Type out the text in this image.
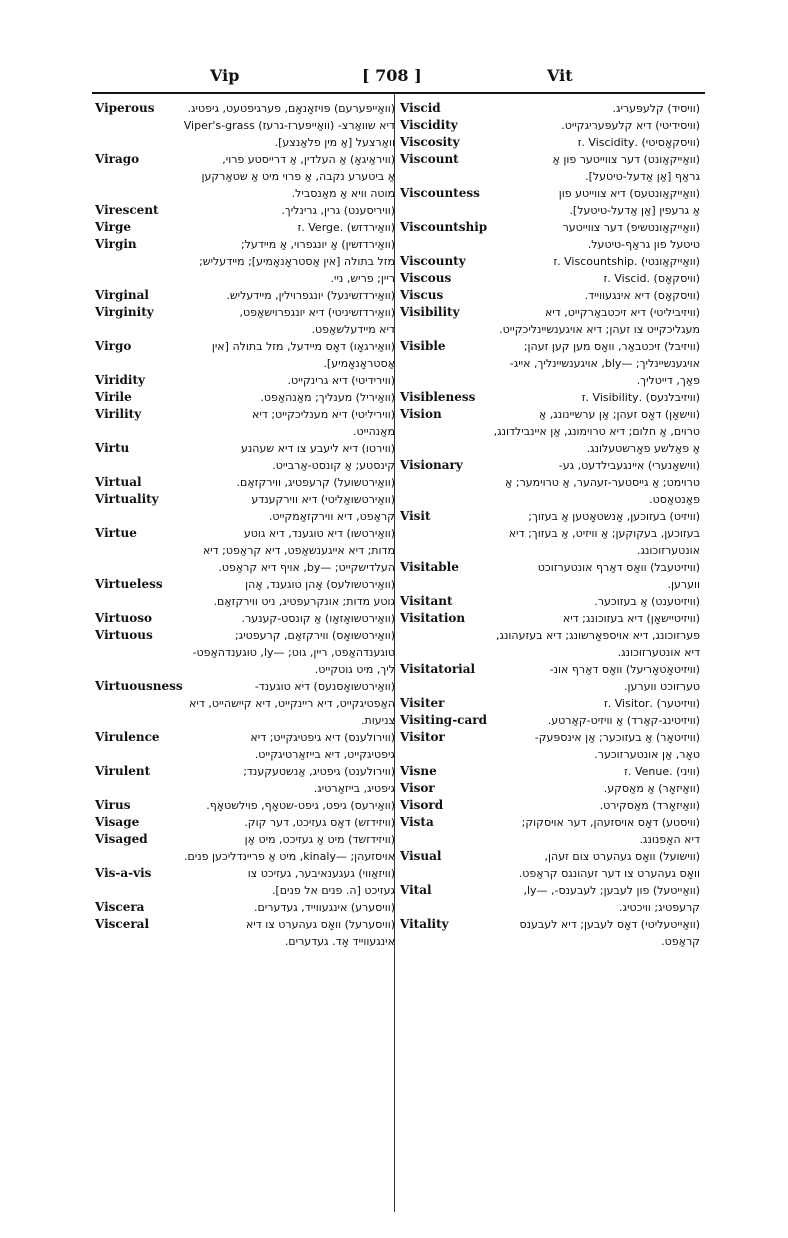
Vip	[ 708 ]	Vit
Viperous	(וואַייפּערעם) פּויזאָנאָם, פערגיפטעט, גיפטיג.
דיא שוואַרצ- (וואַייפּערז-גרעז) Viper's-grass
וואַרצעל [אַ מין פלאַנצע].
Virago	(וויראַיגאָ) אַ העלדין, אַ דרייסטע פרוי,
אַ ביטערע נקבה, אַ פרוי מיט אַ שטאַרקען
מוטה וויא אַ מאַנסביל.
Virescent	(וויריסענט) גרין, גרינליך.
Virge	(וואַירדזש) .Verge .ז
Virgin	(וואַירדזשין) אַ יונגפרוי, אַ מיידעל;
מזל בתולה [אין אַסטראָנאָמיע]; מיידעליש;
ריין; פריש, ניי.
Virginal	(וואַירדזשינעל) יונגפרוילין, מיידעליש.
Virginity	(וואַירדזשיניטי) דיא יונגפרוישאַפט,
דיא מיידעלשאַפט.
Virgo	(וואַירגאָו) דאָס מיידעל, מזל בתולה [אין
אַסטראָנאָמיע].
Viridity	(ווירידיטי) דיא גרינקייט.
Virile	(וואַיריל) מענליך; מאַנהאַפט.
Virility	(וויריליטי) דיא מענליכקייט; דיא
מאַנהייט.
Virtu	(ווירטו) דיא ליעבע צו דיא שעהנע
קינסטע; אַ קונסט-אַרבייט.
Virtual	(וואַירטשועל) קרעפטיג, ווירקזאַם.
Virtuality	(וואַירטשואַליטי) דיא ווירקענדע
קראַפט, דיא ווירקזאַמקייט.
Virtue	(וואַירטשו) דיא טוגענד, דיא גוטע
מדות; דיא אייגענשאַפט, דיא קראַפט; דיא
העלדישקייט; —by, אויף דיא קראַפט.
Virtueless	(וואַירטשולעס) אָהן טוגענד, אָהן
גוטע מדות; אונקרעפטיג, ניט ווירקזאַם.
Virtuoso	(וואַירטשואָזאָו) אַ קונסט-קענער.
Virtuous	(וואַירטשואָס) ווירקזאַם, קרעפטיג;
טוגענדהאַפט, ריין, גוט; —ly, טוגענדהאַפט-
ליך, מיט גוטקייט.
Virtuousness	(וואַירטשואָסנעס) דיא טוגענד-
האַפטיגקייט, דיא ריינקייט, דיא קיישהייט, דיא
צניעות.
Virulence	(ווירולענס) דיא גיפטיגקייט; דיא
גיפטיגקייט, דיא בייזאַרטיגקייט.
Virulent	(ווירולענט) גיפטיג, אַנשטעקענד;
גיפטיג, בייזאַרטיג.
Virus	(וואַירעס) גיפט, גיפט-שטאָף, פוילשטאָף.
Visage	(וויזידזש) דאָס געזיכט, דער קוק.
Visaged	(וויזידזשד) מיט אַ געזיכט, מיט אַן
אויסזעהן; —kinaly, מיט אַ פריינדליכען פנים.
Vis-a-vis	(וויזאַווי) געגענאיבער, געזיכט צו
געזיכט [ה. פנים אל פנים].
Viscera	(וויסערע) אינגעווייד, געדערים.
Visceral	(וויסערעל) וואָס געהערט צו דיא
אינגעווייד אָד. געדערים.
Viscid	(וויסיד) קלעפּעריג.
Viscidity	(וויסידיטי) דיא קלעפּעריגקייט.
Viscosity	(וויסקאָסיטי) .Viscidity .ז
Viscount	(וואַייקאַונט) דער צווייטער פון אַ
גראַף [אַן אַדעל-טיטעל].
Viscountess	(וואַייקאַונטעס) דיא צווייטע פון
אַ גרעפין [אַן אַדעל-טיטעל].
Viscountship	(וואַייקאַונטשיפ) דער צווייטער
טיטעל פון גראַף-טיטעל.
Viscounty	(וואַייקאַונטי) .Viscountship .ז
Viscous	(וויסקאָס) .Viscid .ז
Viscus	(וויסקאָס) דיא אינגעווייד.
Visibility	(וויזיביליטי) דיא זיכטבאַרקייט, דיא
מעגליכקייט צו זעהן; דיא אויגענשיינליכקייט.
Visible	(וויזיבל) זיכטבאַר, וואָס מען קען זעהן;
אויגענשיינליך; —bly, אויגענשיינליך, אייג-
פאַך, דייטליך.
Visibleness	(וויזיבלנעס) .Visibility .ז
Vision	(ווישאָן) דאָס זעהן; אַן ערשיינונג, אַ
טרוים, אַ חלום; דיא טרוימונג, אַן איינבילדונג,
אַ פאַלשע פאָרשטעלונג.
Visionary	(ווישאָנערי) איינגעבילדעט, גע-
טרוימט; אַ גייסטער-זעהער, אַ טרוימער; אַ
פאַנטאַסט.
Visit	(וויזיט) בעזוכען, אָנשטאָטען אַ בעזוך;
בעזוכען, בעקוקען; אַ וויזיט, אַ בעזוך; דיא
אונטערזוכונג.
Visitable	(וויזיטעבל) וואָס דאַרף אונטערזוכט
ווערען.
Visitant	(וויזיטענט) אַ בעזוכער.
Visitation	(וויזיטיישאָן) דיא בעזוכונג; דיא
פערזוכונג, דיא אויספאָרשונג; דיא בעזעהונג,
דיא אונטערזוכונג.
Visitatorial	(וויזיטאָטאָריעל) וואָס דאַרף אונ-
טערזוכט ווערען.
Visiter	(וויזיטער) .Visitor .ז
Visiting-card	(וויזיטינג-קאַרד) אַ וויזיט-קאַרטע.
Visitor	(וויזיטאָר) אַ בעזוכער; אַן אינספּעק-
טאָר, אַן אונטערזוכער.
Visne	(וויני) .Venue .ז
Visor	(וואַיזאָר) אַ מאַסקע.
Visord	(וואַיזאָרד) מאַסקירט.
Vista	(וויסטע) דאָס אויסזעהן, דער אויסקוק;
דיא האָפנונג.
Visual	(ווישועל) וואָס געהערט צום זעהן,
וואָס געהערט צו דער זעהונגס קראַפט.
Vital	(וואַייטעל) פון לעבען; לעבענס-, —ly,
קרעפטיג; וויכטיג.
Vitality	(וואַייטעליטי) דאָס לעבען; דיא לעבענס
קראַפט.
